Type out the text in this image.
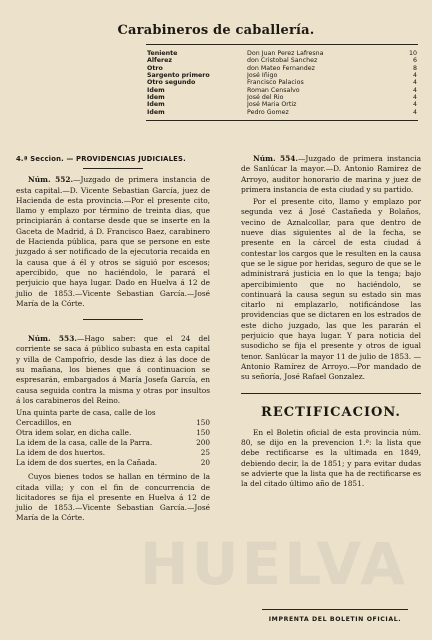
HUELVA
Carabineros de caballería.
Teniente	Don Juan Perez Lafresna	10
Alferez	don Cristobal Sanchez	6
Otro	don Mateo Fernandez	8
Sargento primero	José Iñigo	4
Otro segundo	Francisco Palacios	4
Idem	Roman Censalvo	4
Idem	José del Rio	4
Idem	José Maria Ortiz	4
Idem	Pedro Gomez	4
4.ª Seccion. — PROVIDENCIAS JUDICIALES.

Núm. 552.—Juzgado de primera instancia de esta capital.—D. Vicente Sebastian García, juez de Hacienda de esta provincia.—Por el presente cito, llamo y emplazo por término de treinta dias, que principiarán á contarse desde que se inserte en la Gaceta de Madrid, á D. Francisco Baez, carabinero de Hacienda pública, para que se persone en este juzgado á ser notificado de la ejecutoria recaida en la causa que á él y otros se siguió por escesos; apercibido, que no haciéndolo, le parará el perjuicio que haya lugar. Dado en Huelva á 12 de julio de 1853.—Vicente Sebastian García.—José María de la Córte.

Núm. 553.—Hago saber: que el 24 del corriente se saca á público subasta en esta capital y villa de Campofrio, desde las diez á las doce de su mañana, los bienes que á continuacion se espresarán, embargados á María Josefa García, en causa seguida contra la misma y otras por insultos á los carabineros del Reino.

Una quinta parte de casa, calle de los Cercadillos, en	150
Otra idem solar, en dicha calle.	150
La idem de la casa, calle de la Parra.	200
La idem de dos huertos.	25
La idem de dos suertes, en la Cañada.	20

Cuyos bienes todos se hallan en término de la citada villa; y con el fin de concurrencia de licitadores se fija el presente en Huelva á 12 de julio de 1853.—Vicente Sebastian García.—José María de la Córte.

Núm. 554.—Juzgado de primera instancia de Sanlúcar la mayor.—D. Antonio Ramirez de Arroyo, auditor honorario de marina y juez de primera instancia de esta ciudad y su partido.

Por el presente cito, llamo y emplazo por segunda vez á José Castañeda y Bolaños, vecino de Aznalcollar, para que dentro de nueve dias siguientes al de la fecha, se presente en la cárcel de esta ciudad á contestar los cargos que le resulten en la causa que se le sigue por heridas, seguro de que se le administrará justicia en lo que la tenga; bajo apercibimiento que no haciéndolo, se continuará la causa segun su estado sin mas citarlo ni emplazarlo, notificándose las providencias que se dictaren en los estrados de este dicho juzgado, las que les pararán el perjuicio que haya lugar. Y para noticia del susodicho se fija el presente y otros de igual tenor. Sanlúcar la mayor 11 de julio de 1853. —Antonio Ramírez de Arroyo.—Por mandado de su señoría, José Rafael Gonzalez.

RECTIFICACION.

En el Boletin oficial de esta provincia núm. 80, se dijo en la prevencion 1.ª: la lista que debe rectificarse es la ultimada en 1849, debiendo decir, la de 1851; y para evitar dudas se advierte que la lista que ha de rectificarse es la del citado último año de 1851.

IMPRENTA DEL BOLETIN OFICIAL.
